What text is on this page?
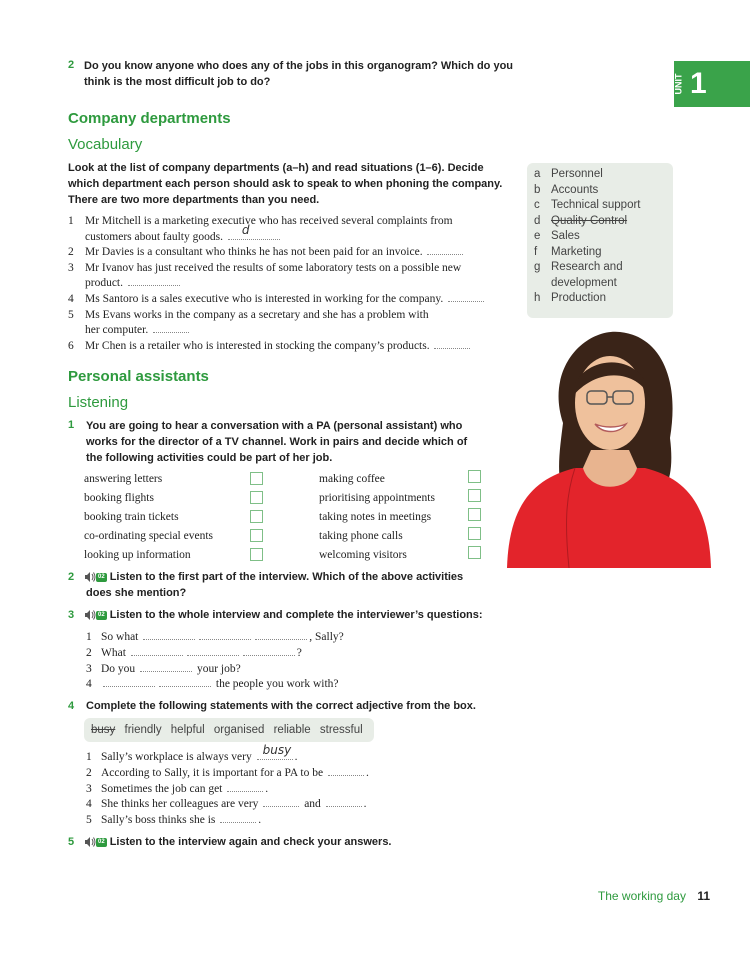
UNIT 1
2 Do you know anyone who does any of the jobs in this organogram? Which do you
think is the most difficult job to do?
Company departments
Vocabulary
Look at the list of company departments (a–h) and read situations (1–6). Decide
which department each person should ask to speak to when phoning the company.
There are two more departments than you need.
1 Mr Mitchell is a marketing executive who has received several complaints from
customers about faulty goods. d
2 Mr Davies is a consultant who thinks he has not been paid for an invoice.
3 Mr Ivanov has just received the results of some laboratory tests on a possible new
product.
4 Ms Santoro is a sales executive who is interested in working for the company.
5 Ms Evans works in the company as a secretary and she has a problem with
her computer.
6 Mr Chen is a retailer who is interested in stocking the company’s products.
a Personnel
b Accounts
c Technical support
d Quality Control
e Sales
f Marketing
g Research and
development
h Production
Personal assistants
Listening
1 You are going to hear a conversation with a PA (personal assistant) who
works for the director of a TV channel. Work in pairs and decide which of
the following activities could be part of her job.
answering letters
booking flights
booking train tickets
co-ordinating special events
looking up information
making coffee
prioritising appointments
taking notes in meetings
taking phone calls
welcoming visitors
2	02 Listen to the first part of the interview. Which of the above activities
does she mention?
3	02 Listen to the whole interview and complete the interviewer’s questions:
1 So what	, Sally?
2 What	?
3 Do you	your job?
4	the people you work with?
4 Complete the following statements with the correct adjective from the box.
busy friendly helpful organised reliable stressful
1 Sally’s workplace is always very busy .
2 According to Sally, it is important for a PA to be	.
3 Sometimes the job can get	.
4 She thinks her colleagues are very	and	.
5 Sally’s boss thinks she is	.
5	02 Listen to the interview again and check your answers.
The working day 11
